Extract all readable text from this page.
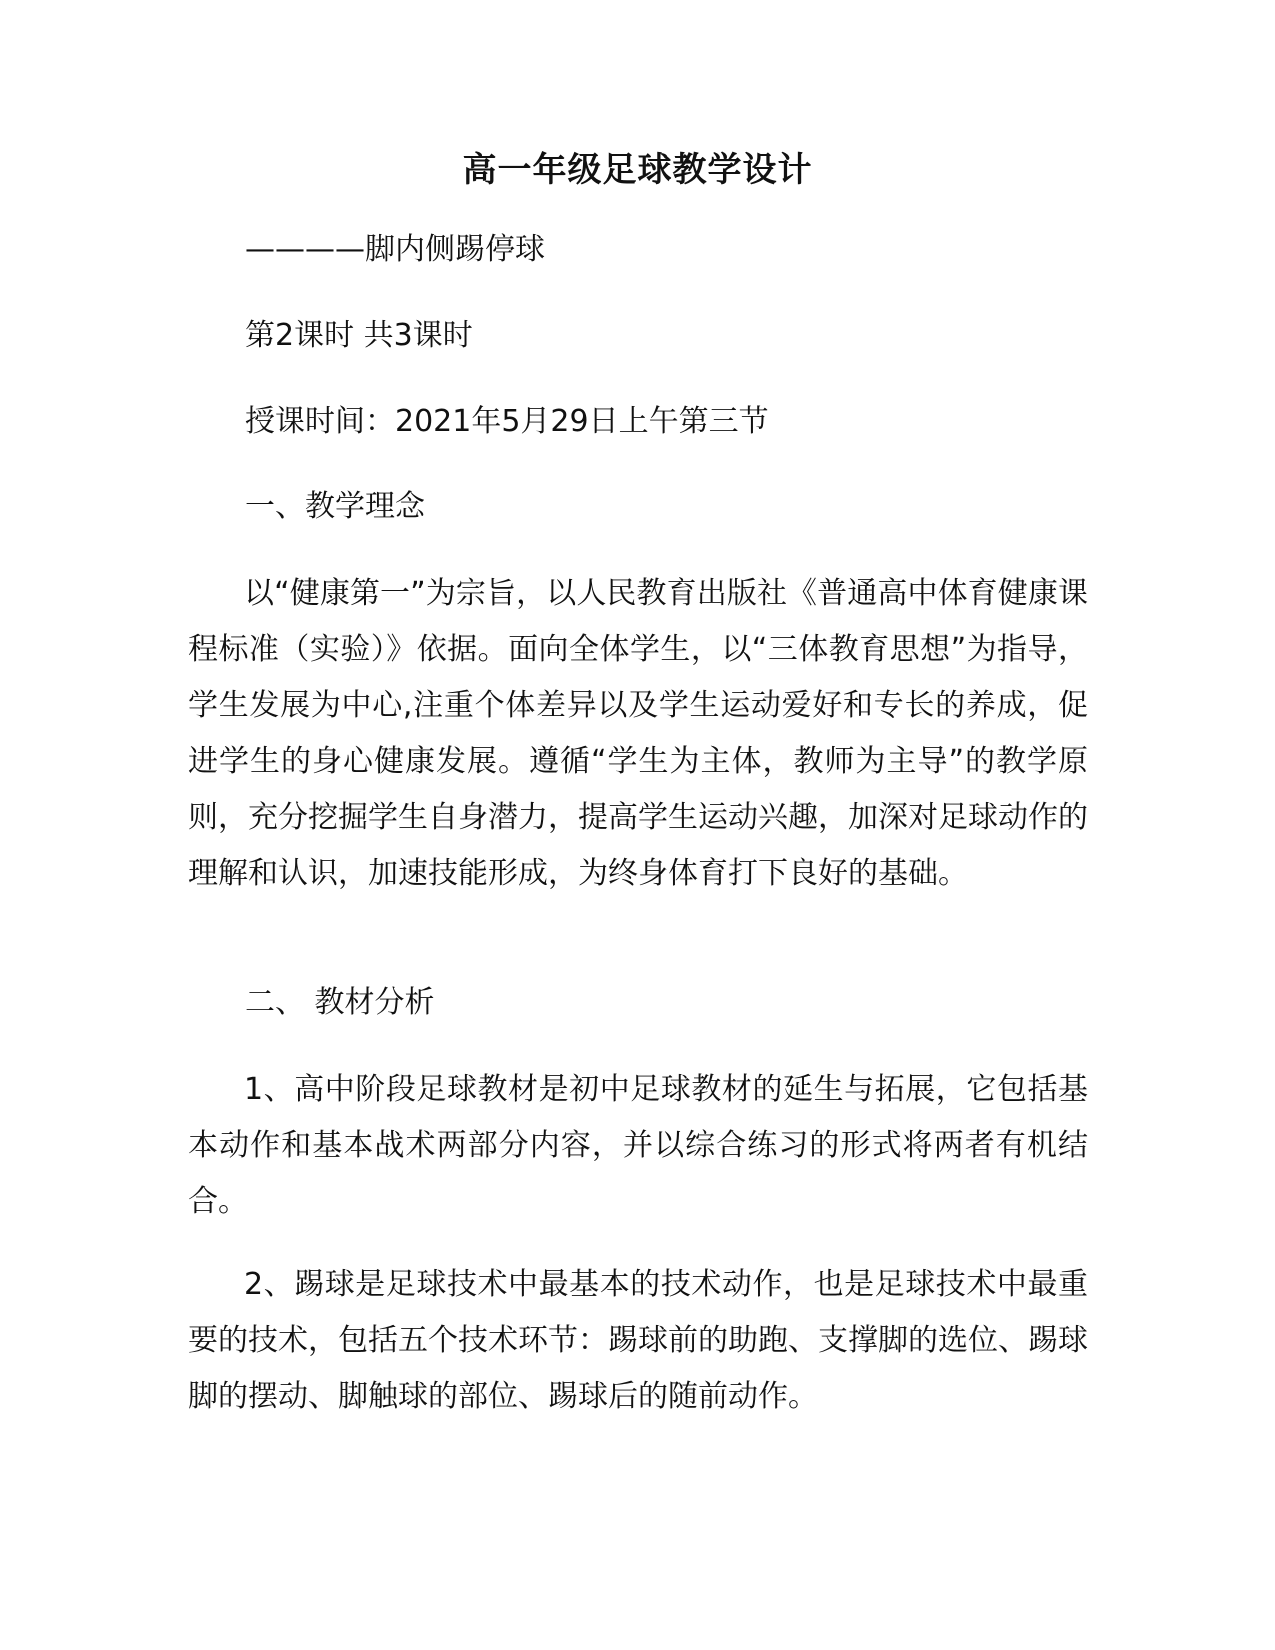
高一年级足球教学设计

————脚内侧踢停球

第2课时 共3课时

授课时间：2021年5月29日上午第三节

一、教学理念

以“健康第一”为宗旨，以人民教育出版社《普通高中体育健康课程标准（实验）》依据。面向全体学生，以“三体教育思想”为指导，学生发展为中心,注重个体差异以及学生运动爱好和专长的养成，促进学生的身心健康发展。遵循“学生为主体，教师为主导”的教学原则，充分挖掘学生自身潜力，提高学生运动兴趣，加深对足球动作的理解和认识，加速技能形成，为终身体育打下良好的基础。

二、 教材分析

1、高中阶段足球教材是初中足球教材的延生与拓展，它包括基本动作和基本战术两部分内容，并以综合练习的形式将两者有机结合。

2、踢球是足球技术中最基本的技术动作，也是足球技术中最重要的技术，包括五个技术环节：踢球前的助跑、支撑脚的选位、踢球脚的摆动、脚触球的部位、踢球后的随前动作。
